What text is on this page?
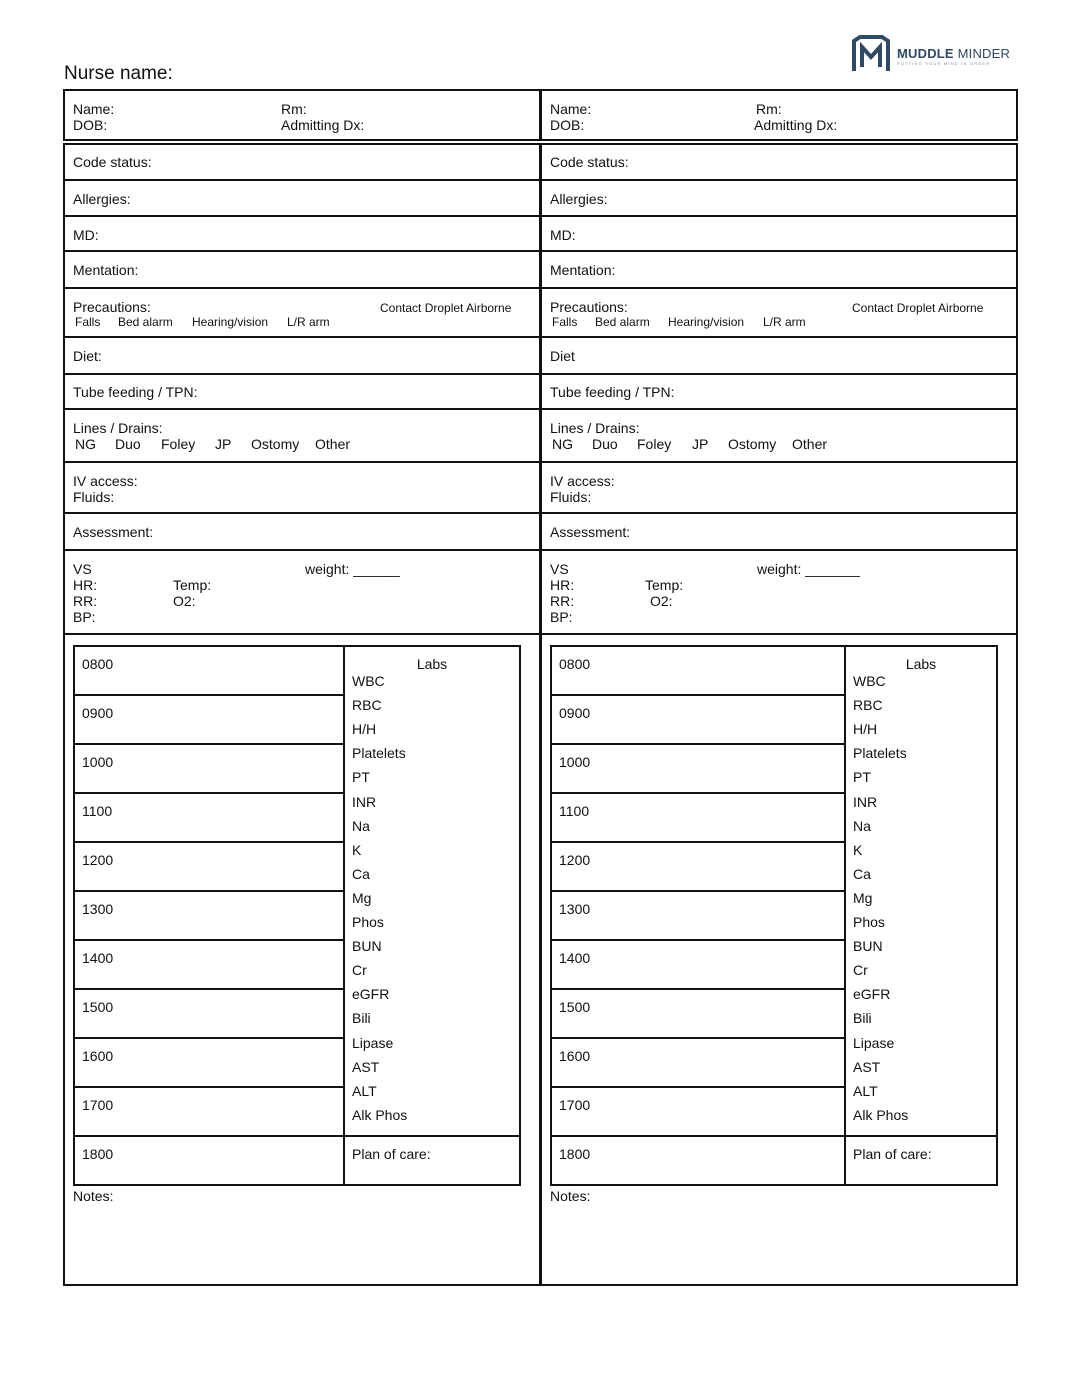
MUDDLE MINDER
PUTTING YOUR MIND IN ORDER
Nurse name:
Name:	Rm:
DOB:	Admitting Dx:
Code status:
Allergies:
MD:
Mentation:
Precautions:	Contact Droplet Airborne
Falls Bed alarm Hearing/vision L/R arm
Diet:
Tube feeding / TPN:
Lines / Drains:
NG Duo Foley JP Ostomy Other
IV access:
Fluids:
Assessment:
VS	weight: ______
HR:	Temp:
RR:	O2:
BP:
0800
0900
1000
1100
1200
1300
1400
1500
1600
1700
1800
Labs
WBC
RBC
H/H
Platelets
PT
INR
Na
K
Ca
Mg
Phos
BUN
Cr
eGFR
Bili
Lipase
AST
ALT
Alk Phos
Plan of care:
Notes:
Name:	Rm:
DOB:	Admitting Dx:
Code status:
Allergies:
MD:
Mentation:
Precautions:	Contact Droplet Airborne
Falls Bed alarm Hearing/vision L/R arm
Diet
Tube feeding / TPN:
Lines / Drains:
NG Duo Foley JP Ostomy Other
IV access:
Fluids:
Assessment:
VS	weight: _______
HR:	Temp:
RR:	O2:
BP:
0800
0900
1000
1100
1200
1300
1400
1500
1600
1700
1800
Labs
WBC
RBC
H/H
Platelets
PT
INR
Na
K
Ca
Mg
Phos
BUN
Cr
eGFR
Bili
Lipase
AST
ALT
Alk Phos
Plan of care:
Notes:
